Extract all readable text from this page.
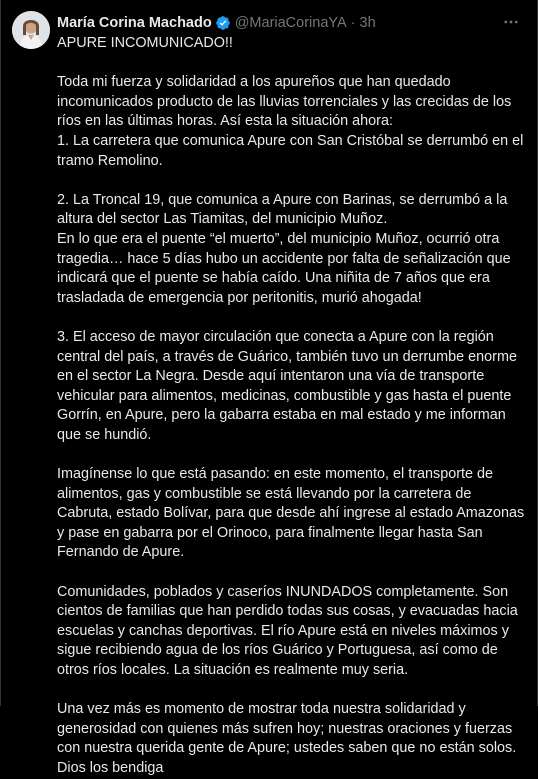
María Corina Machado @MariaCorinaYA · 3h

APURE INCOMUNICADO!!

Toda mi fuerza y solidaridad a los apureños que han quedado incomunicados producto de las lluvias torrenciales y las crecidas de los ríos en las últimas horas. Así esta la situación ahora:
1. La carretera que comunica Apure con San Cristóbal se derrumbó en el tramo Remolino.

2. La Troncal 19, que comunica a Apure con Barinas, se derrumbó a la altura del sector Las Tiamitas, del municipio Muñoz.
En lo que era el puente “el muerto”, del municipio Muñoz, ocurrió otra tragedia… hace 5 días hubo un accidente por falta de señalización que indicará que el puente se había caído. Una niñita de 7 años que era trasladada de emergencia por peritonitis, murió ahogada!

3. El acceso de mayor circulación que conecta a Apure con la región central del país, a través de Guárico, también tuvo un derrumbe enorme en el sector La Negra. Desde aquí intentaron una vía de transporte vehicular para alimentos, medicinas, combustible y gas hasta el puente Gorrín, en Apure, pero la gabarra estaba en mal estado y me informan que se hundió.

Imagínense lo que está pasando: en este momento, el transporte de alimentos, gas y combustible se está llevando por la carretera de Cabruta, estado Bolívar, para que desde ahí ingrese al estado Amazonas y pase en gabarra por el Orinoco, para finalmente llegar hasta San Fernando de Apure.

Comunidades, poblados y caseríos INUNDADOS completamente. Son cientos de familias que han perdido todas sus cosas, y evacuadas hacia escuelas y canchas deportivas. El río Apure está en niveles máximos y sigue recibiendo agua de los ríos Guárico y Portuguesa, así como de otros ríos locales. La situación es realmente muy seria.

Una vez más es momento de mostrar toda nuestra solidaridad y generosidad con quienes más sufren hoy; nuestras oraciones y fuerzas con nuestra querida gente de Apure; ustedes saben que no están solos. Dios los bendiga
